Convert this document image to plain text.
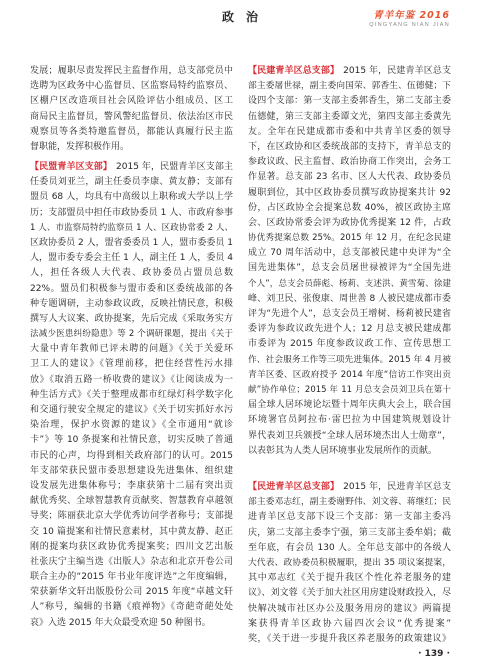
政　治	青羊年鉴 2016
QINGYANG NIAN JIAN
发展；履职尽责发挥民主监督作用，总支部党员中
选聘为区政务中心监督员、区监察局特约监察员、
区棚户区改造项目社会风险评估小组成员、区工
商局民主监督员，警风警纪监督员、依法治区市民
观察员等各类特邀监督员，都能认真履行民主监
督职能，发挥积极作用。
【民盟青羊区支部】 2015 年，民盟青羊区支部主
任委员刘亚兰，副主任委员李康、黄友静；支部有
盟员 68 人，均具有中高级以上职称或大学以上学
历；支部盟员中担任市政协委员 1 人、市政府参事
1 人、市监察局特约监察员 1 人、区政协常委 2 人、
区政协委员 2 人，盟省委委员 1 人，盟市委委员 1
人，盟市委专委会主任 1 人，副主任 1 人，委员 4
人，担任各级人大代表、政协委员占盟员总数
22%。盟员们积极参与盟市委和区委统战部的各
种专题调研，主动参政议政，反映社情民意，积极
撰写人大议案、政协提案，先后完成《采取务实方
法减少医患纠纷隐患》等 2 个调研课题，提出《关于
大量中青年教师已评未聘的问题》《关于关爱环
卫工人的建议》《管理前移，把住经营性污水排
放》《取消五路一桥收费的建议》《让阅读成为一
种生活方式》《关于整理成都市红绿灯科学数字化
和交通行驶安全规定的建议》《关于切实抓好水污
染治理，保护水资源的建议》《全市通用“就诊
卡”》等 10 条提案和社情民意，切实反映了普通
市民的心声，均得到相关政府部门的认可。2015
年支部荣获民盟市委思想建设先进集体、组织建
设发展先进集体称号；李康获第十二届有突出贡
献优秀奖、全球智慧教育贡献奖、智慧教育卓越领
导奖；陈丽获北京大学优秀访问学者称号；支部提
交 10 篇提案和社情民意素材，其中黄友静、赵正
刚的提案均获区政协优秀提案奖；四川文艺出版
社张庆宁主编当选《出版人》杂志和北京开卷公司
联合主办的“2015 年书业年度评选”之年度编辑，
荣获新华文轩出版股份公司 2015 年度“卓越文轩
人”称号，编辑的书籍《痕禅物》《奇葩奇葩处处
哀》入选 2015 年大众最受欢迎 50 种图书。
【民建青羊区总支部】 2015 年，民建青羊区总支
部主委屠世禄，副主委向国荣、郭香生、伍德健；下
设四个支部：第一支部主委郭香生，第二支部主委
伍德健，第三支部主委谭文光，第四支部主委黄先
友。全年在民建成都市委和中共青羊区委的领导
下，在区政协和区委统战部的支持下，青羊总支的
参政议政、民主监督、政治协商工作突出，会务工
作显著。总支部 23 名市、区人大代表、政协委员
履职到位，其中区政协委员撰写政协提案共计 92
份，占区政协全会提案总数 40%，被区政协主席
会、区政协常委会评为政协优秀提案 12 件，占政
协优秀提案总数 25%。2015 年 12 月，在纪念民建
成立 70 周年活动中，总支部被民建中央评为“全
国先进集体”，总支会员屠世禄被评为“全国先进
个人”，总支会员薛彪、杨莉、支述洪、黄雪菊、徐建
峰、刘卫民、张俊康、周世善 8 人被民建成都市委
评为“先进个人”，总支会员王增树、杨莉被民建省
委评为参政议政先进个人；12 月总支被民建成都
市委评为 2015 年度参政议政工作、宣传思想工
作、社会服务工作等三项先进集体。2015 年 4 月被
青羊区委、区政府授予 2014 年度“信访工作突出贡
献”协作单位；2015 年 11 月总支会员刘卫兵在第十
届全球人居环境论坛暨十周年庆典大会上，联合国
环境署官员阿拉布·雷巴拉为中国建筑规划设计
界代表刘卫兵颁授“全球人居环境杰出人士勋章”，
以表彰其为人类人居环境事业发展所作的贡献。
【民进青羊区总支部】 2015 年，民进青羊区总支
部主委邓志红，副主委谢野伟、刘文蓉、蒋继红；民
进青羊区总支部下设三个支部：第一支部主委冯
庆，第二支部主委李宁强，第三支部主委牟娟；截
至年底，有会员 130 人。全年总支部中的各级人
大代表、政协委员积极履职，提出 35 项议案提案，
其中邓志红《关于提升我区个性化养老服务的建
议》、刘文蓉《关于加大社区用房建设财政投入，尽
快解决城市社区办公及服务用房的建议》两篇提
案获得青羊区政协六届四次会议“优秀提案”
奖，《关于进一步提升我区养老服务的政策建议》
· 139 ·
